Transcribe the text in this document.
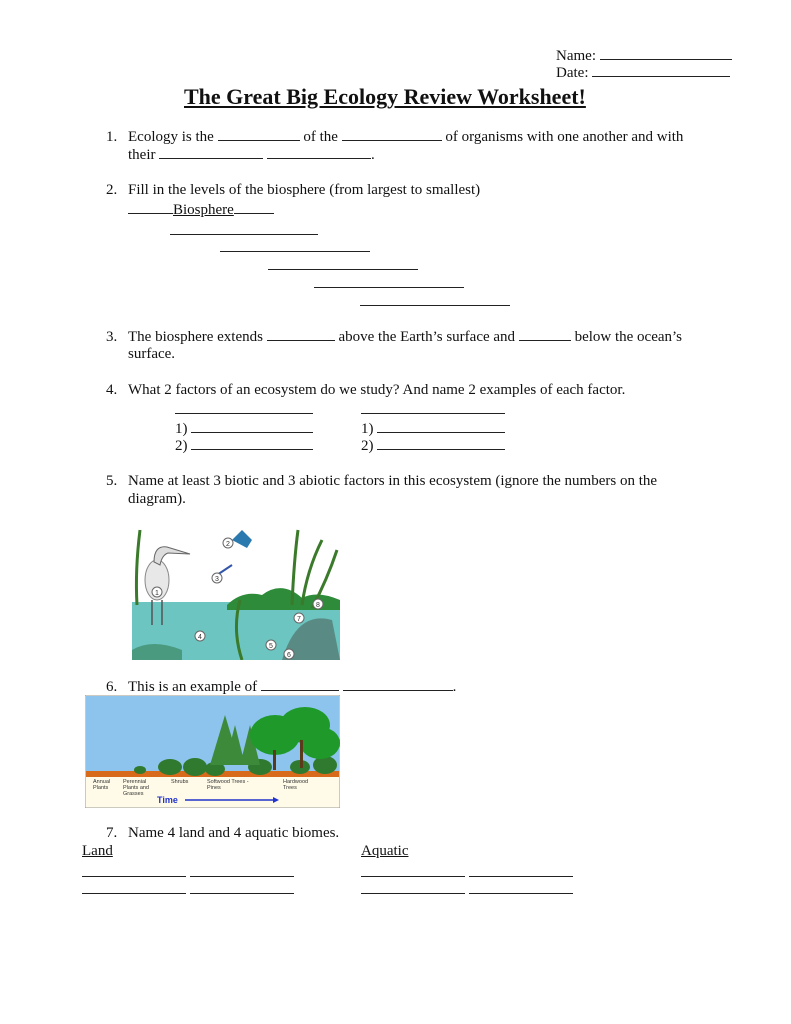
Name:
Date:
The Great Big Ecology Review Worksheet!
1. Ecology is the	of the	of organisms with one another and with
their	.
2. Fill in the levels of the biosphere (from largest to smallest)
Biosphere
3. The biosphere extends	above the Earth’s surface and	below the ocean’s
surface.
4. What 2 factors of an ecosystem do we study? And name 2 examples of each factor.
1)
2)
1)
2)
5. Name at least 3 biotic and 3 abiotic factors in this ecosystem (ignore the numbers on the
diagram).
1
2
3
4
5
6
7
8
6. This is an example of	.
Time
Annual Plants
Perennial Plants and Grasses
Shrubs	Softwood Trees - Pines
Hardwood Trees
7. Name 4 land and 4 aquatic biomes.
Land	Aquatic
